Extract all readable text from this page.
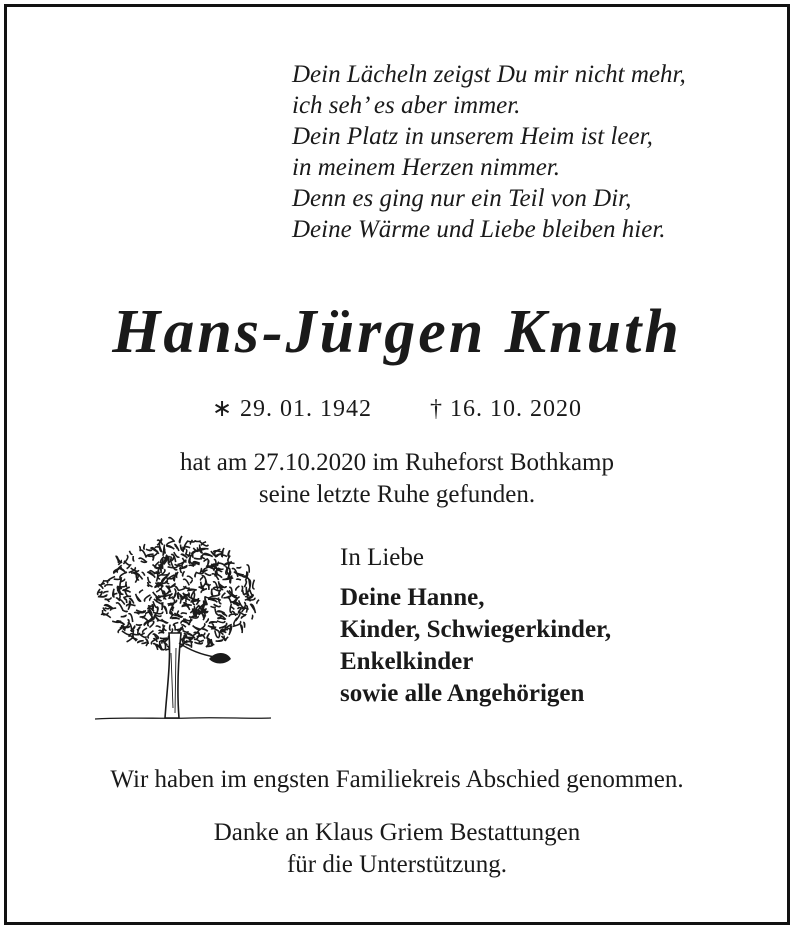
Dein Lächeln zeigst Du mir nicht mehr,
ich seh’ es aber immer.
Dein Platz in unserem Heim ist leer,
in meinem Herzen nimmer.
Denn es ging nur ein Teil von Dir,
Deine Wärme und Liebe bleiben hier.
Hans-Jürgen Knuth
∗ 29. 01. 1942 † 16. 10. 2020
hat am 27.10.2020 im Ruheforst Bothkamp
seine letzte Ruhe gefunden.
In Liebe
Deine Hanne,
Kinder, Schwiegerkinder,
Enkelkinder
sowie alle Angehörigen
Wir haben im engsten Familiekreis Abschied genommen.
Danke an Klaus Griem Bestattungen
für die Unterstützung.
